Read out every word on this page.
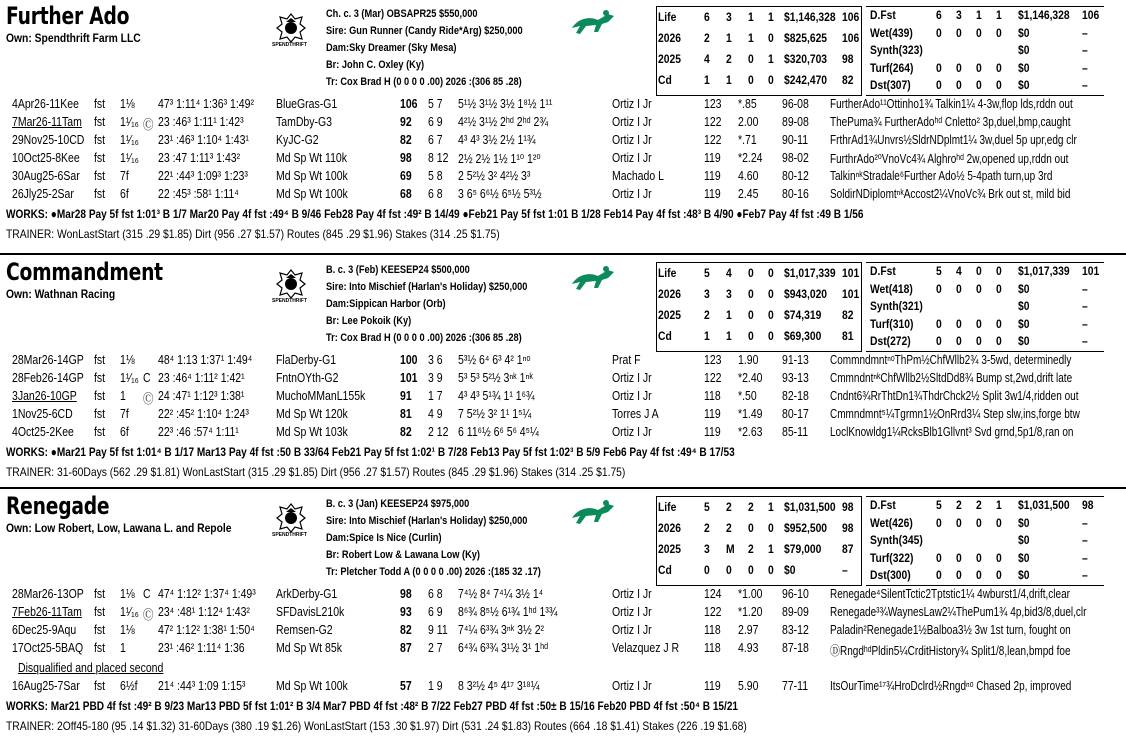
Further Ado
Own: Spendthrift Farm LLC	SPENDTHRIFT
Ch. c. 3 (Mar) OBSAPR25 $550,000
Sire: Gun Runner (Candy Ride*Arg) $250,000
Dam:Sky Dreamer (Sky Mesa)
Br: John C. Oxley (Ky)
Tr: Cox Brad H (0 0 0 0 .00) 2026 :(306 85 .28)
Life 6 3 1 1 $1,146,328 106
2026 2 1 1 0 $825,625 106
2025 4 2 0 1 $320,703 98
Cd	1 1 0 0 $242,470 82
D.Fst	6 3 1 1 $1,146,328 106
Wet(439) 0 0 0 0 $0	–
Synth(323)	$0	–
Turf(264) 0 0 0 0 $0	–
Dst(307) 0 0 0 0 $0	–
4Apr26-11Kee fst 1⅛ 47³ 1:11⁴ 1:36³ 1:49² BlueGras-G1	106 5 7 5¹½ 3¹½ 3½ 1⁸½ 1¹¹	Ortiz I Jr	123 *.85 96-08 FurtherAdo¹¹Ottinho1¾ Talkin1¼ 4-3w,flop lds,rddn out
7Mar26-11Tam fst 1¹⁄₁₆ Ⓒ 23 :46³ 1:11¹ 1:42³	TamDby-G3	92 6 9 4²½ 3¹½ 2ʰᵈ 2ʰᵈ 2¾	Ortiz I Jr	122 2.00 89-08 ThePuma¾ FurtherAdoʰᵈ Cnletto² 3p,duel,bmp,caught
29Nov25-10CD fst 1¹⁄₁₆ 23¹ :46³ 1:10⁴ 1:43¹ KyJC-G2	82 6 7 4³ 4³ 3½ 2½ 1¹¾	Ortiz I Jr	122 *.71 90-11 FrthrAd1¾Unvrs½SldrNDplmt1¼ 3w,duel 5p upr,edg clr
10Oct25-8Kee fst 1¹⁄₁₆ 23 :47 1:11³ 1:43²	Md Sp Wt 110k	98 8 12 2½ 2½ 1½ 1¹⁰ 1²⁰	Ortiz I Jr	119 *2.24 98-02 FurthrAdo²⁰VnoVc4¾ Alghroʰᵈ 2w,opened up,rddn out
30Aug25-6Sar fst 7f 22¹ :44³ 1:09³ 1:23³ Md Sp Wt 100k	69 5 8 2 5²½ 3² 4²½ 3³	Machado L	119 4.60 80-12 TalkinⁿᵏStradale⁶Further Ado½ 5-4path turn,up 3rd
26Jly25-2Sar fst 6f 22 :45³ :58¹ 1:11⁴	Md Sp Wt 100k	68 6 8 3 6⁵ 6⁶½ 6⁵½ 5³½	Ortiz I Jr	119 2.45 80-16 SoldirNDiplomtⁿᵏAccost2¼VnoVc¾ Brk out st, mild bid
WORKS: ●Mar28 Pay 5f fst 1:01³ B 1/7 Mar20 Pay 4f fst :49⁴ B 9/46 Feb28 Pay 4f fst :49² B 14/49 ●Feb21 Pay 5f fst 1:01 B 1/28 Feb14 Pay 4f fst :48³ B 4/90 ●Feb7 Pay 4f fst :49 B 1/56
TRAINER: WonLastStart (315 .29 $1.85) Dirt (956 .27 $1.57) Routes (845 .29 $1.96) Stakes (314 .25 $1.75)
Commandment
Own: Wathnan Racing	SPENDTHRIFT
B. c. 3 (Feb) KEESEP24 $500,000
Sire: Into Mischief (Harlan's Holiday) $250,000
Dam:Sippican Harbor (Orb)
Br: Lee Pokoik (Ky)
Tr: Cox Brad H (0 0 0 0 .00) 2026 :(306 85 .28)
Life 5 4 0 0 $1,017,339 101
2026 3 3 0 0 $943,020 101
2025 2 1 0 0 $74,319 82
Cd	1 1 0 0 $69,300 81
D.Fst	5 4 0 0 $1,017,339 101
Wet(418) 0 0 0 0 $0	–
Synth(321)	$0	–
Turf(310) 0 0 0 0 $0	–
Dst(272) 0 0 0 0 $0	–
28Mar26-14GP fst 1⅛ 48⁴ 1:13 1:37¹ 1:49⁴ FlaDerby-G1	100 3 6 5³½ 6⁴ 6³ 4² 1ⁿᵒ	Prat F	123 1.90 91-13 CommndmntⁿᵒThPm½ChfWllb2¾ 3-5wd, determinedly
28Feb26-14GP fst 1¹⁄₁₆ C 23 :46⁴ 1:11² 1:42¹	FntnOYth-G2	101 3 9 5³ 5³ 5²½ 3ⁿᵏ 1ⁿᵏ	Ortiz I Jr	122 *2.40 93-13 CmmndntⁿᵏChfWllb2½SltdDd8¾ Bump st,2wd,drift late
3Jan26-10GP fst 1 Ⓒ 24 :47¹ 1:12³ 1:38¹	MuchoMManL155k	91 1 7 4³ 4³ 5¹¾ 1¹ 1⁶¾	Ortiz I Jr	118 *.50 82-18 Cndnt6¾RrThtDn1¾ThdrChck2½ Split 3w1/4,ridden out
1Nov25-6CD fst 7f 22² :45² 1:10⁴ 1:24³ Md Sp Wt 120k	81 4 9 7 5²½ 3² 1¹ 1⁵¼	Torres J A	119 *1.49 80-17 Cmmndmnt⁵¼Tgrmn1½OnRrd3¼ Step slw,ins,forge btw
4Oct25-2Kee fst 6f 22³ :46 :57⁴ 1:11¹	Md Sp Wt 103k	82 2 12 6 11⁶½ 6⁶ 5⁶ 4⁵¼	Ortiz I Jr	119 *2.63 85-11 LoclKnowldg1¼RcksBlb1Gllvnt³ Svd grnd,5p1/8,ran on
WORKS: ●Mar21 Pay 5f fst 1:01⁴ B 1/17 Mar13 Pay 4f fst :50 B 33/64 Feb21 Pay 5f fst 1:02¹ B 7/28 Feb13 Pay 5f fst 1:02³ B 5/9 Feb6 Pay 4f fst :49⁴ B 17/53
TRAINER: 31-60Days (562 .29 $1.81) WonLastStart (315 .29 $1.85) Dirt (956 .27 $1.57) Routes (845 .29 $1.96) Stakes (314 .25 $1.75)
Renegade
Own: Low Robert, Low, Lawana L. and Repole	SPENDTHRIFT
B. c. 3 (Jan) KEESEP24 $975,000
Sire: Into Mischief (Harlan's Holiday) $250,000
Dam:Spice Is Nice (Curlin)
Br: Robert Low & Lawana Low (Ky)
Tr: Pletcher Todd A (0 0 0 0 .00) 2026 :(185 32 .17)
Life 5 2 2 1 $1,031,500 98
2026 2 2 0 0 $952,500 98
2025 3 M 2 1 $79,000 87
Cd	0 0 0 0 $0	–
D.Fst	5 2 2 1 $1,031,500 98
Wet(426) 0 0 0 0 $0	–
Synth(345)	$0	–
Turf(322) 0 0 0 0 $0	–
Dst(300) 0 0 0 0 $0	–
28Mar26-13OP fst 1⅛ C 47⁴ 1:12² 1:37⁴ 1:49³ ArkDerby-G1	98 6 8 7⁴½ 8⁴ 7⁴¼ 3½ 1⁴	Ortiz I Jr	124 *1.00 96-10 Renegade⁴SilentTctic2Tptstic1¼ 4wburst1/4,drift,clear
7Feb26-11Tam fst 1¹⁄₁₆ Ⓒ 23⁴ :48¹ 1:12⁴ 1:43² SFDavisL210k	93 6 9 8⁶¾ 8⁵½ 6¹¾ 1ʰᵈ 1³¾	Ortiz I Jr	122 *1.20 89-09 Renegade³¾WaynesLaw2¼ThePum1¾ 4p,bid3/8,duel,clr
6Dec25-9Aqu fst 1⅛ 47² 1:12² 1:38¹ 1:50⁴ Remsen-G2	82 9 11 7⁴¼ 6³¾ 3ⁿᵏ 3½ 2²	Ortiz I Jr	118 2.97 83-12 Paladin²Renegade1½Balboa3½ 3w 1st turn, fought on
17Oct25-5BAQ fst 1	23¹ :46² 1:11⁴ 1:36	Md Sp Wt 85k	87 2 7 6⁴¾ 6³¾ 3¹½ 3¹ 1ʰᵈ	Velazquez J R 118 4.93 87-18 ⒹRngdʰᵈPldin5¼CrditHistory¾ Split1/8,lean,bmpd foe
Disqualified and placed second
16Aug25-7Sar fst 6½f 21⁴ :44³ 1:09 1:15³ Md Sp Wt 100k	57 1 9 8 3²½ 4⁵ 4¹⁷ 3¹⁸¼	Ortiz I Jr	119 5.90 77-11 ItsOurTime¹⁷¾HroDclrd½Rngdⁿᵒ Chased 2p, improved
WORKS: Mar21 PBD 4f fst :49² B 9/23 Mar13 PBD 5f fst 1:01² B 3/4 Mar7 PBD 4f fst :48² B 7/22 Feb27 PBD 4f fst :50± B 15/16 Feb20 PBD 4f fst :50⁴ B 15/21
TRAINER: 2Off45-180 (95 .14 $1.32) 31-60Days (380 .19 $1.26) WonLastStart (153 .30 $1.97) Dirt (531 .24 $1.83) Routes (664 .18 $1.41) Stakes (226 .19 $1.68)
